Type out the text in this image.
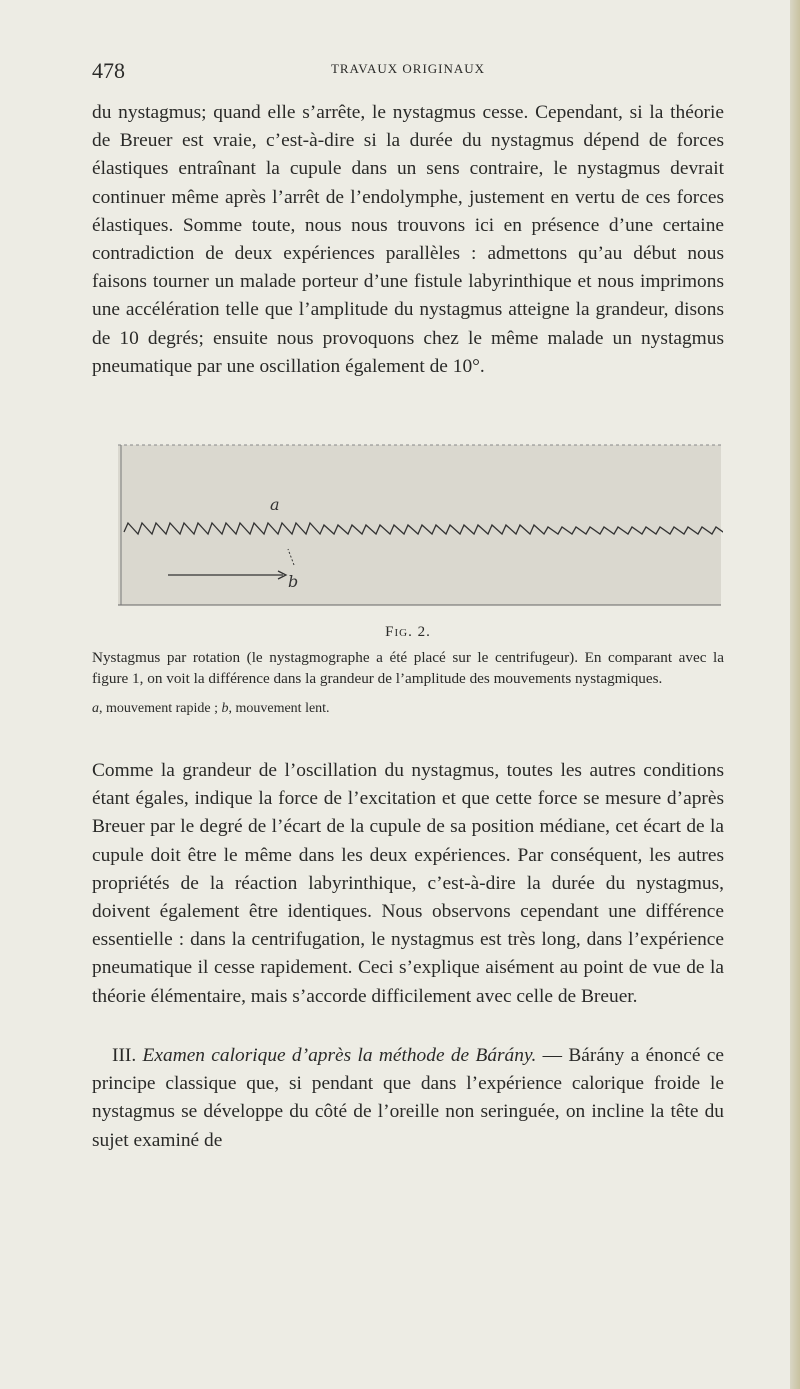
478	TRAVAUX ORIGINAUX

du nystagmus; quand elle s’arrête, le nystagmus cesse. Cependant, si la théorie de Breuer est vraie, c’est-à-dire si la durée du nystagmus dépend de forces élastiques entraînant la cupule dans un sens contraire, le nystagmus devrait continuer même après l’arrêt de l’endolymphe, justement en vertu de ces forces élastiques. Somme toute, nous nous trouvons ici en présence d’une certaine contradiction de deux expériences parallèles : admettons qu’au début nous faisons tourner un malade porteur d’une fistule labyrinthique et nous imprimons une accélération telle que l’amplitude du nystagmus atteigne la grandeur, disons de 10 degrés; ensuite nous provoquons chez le même malade un nystagmus pneumatique par une oscillation également de 10°.

a
b

Fig. 2.

Nystagmus par rotation (le nystagmographe a été placé sur le centrifugeur). En comparant avec la figure 1, on voit la différence dans la grandeur de l’amplitude des mouvements nystagmiques.

a, mouvement rapide ; b, mouvement lent.

Comme la grandeur de l’oscillation du nystagmus, toutes les autres conditions étant égales, indique la force de l’excitation et que cette force se mesure d’après Breuer par le degré de l’écart de la cupule de sa position médiane, cet écart de la cupule doit être le même dans les deux expériences. Par conséquent, les autres propriétés de la réaction labyrinthique, c’est-à-dire la durée du nystagmus, doivent également être identiques. Nous observons cependant une différence essentielle : dans la centrifugation, le nystagmus est très long, dans l’expérience pneumatique il cesse rapidement. Ceci s’explique aisément au point de vue de la théorie élémentaire, mais s’accorde difficilement avec celle de Breuer.

III. Examen calorique d’après la méthode de Bárány. — Bárány a énoncé ce principe classique que, si pendant que dans l’expérience calorique froide le nystagmus se développe du côté de l’oreille non seringuée, on incline la tête du sujet examiné de
